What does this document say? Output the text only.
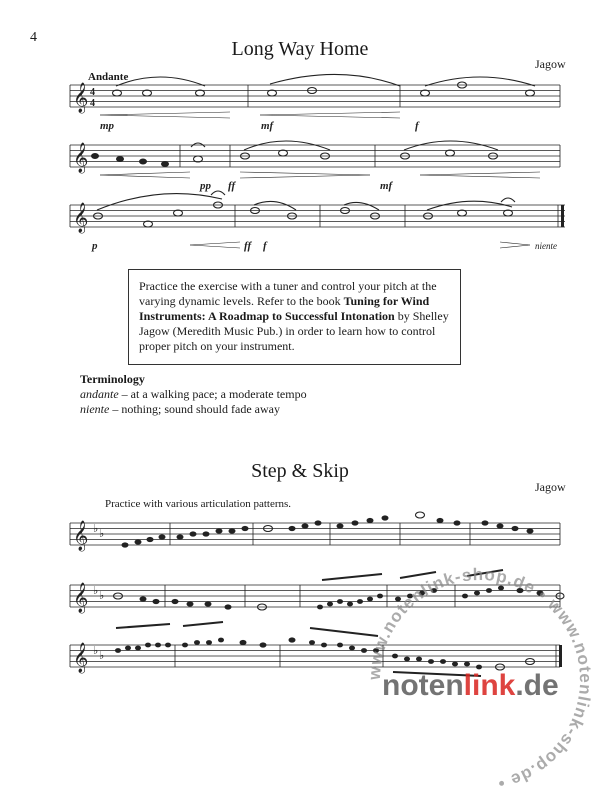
4
Long Way Home
Jagow
Andante
𝄞 4
4
mp	mf	f
𝄞
pp ff	mf
𝄞
p	ff f	niente
Practice the exercise with a tuner and control your pitch at the varying dynamic levels. Refer to the book Tuning for Wind Instruments: A Roadmap to Successful Intonation by Shelley Jagow (Meredith Music Pub.) in order to learn how to control proper pitch on your instrument.
Terminology
andante – at a walking pace; a moderate tempo
niente – nothing; sound should fade away
Step & Skip
Jagow
Practice with various articulation patterns.
𝄞 ♭ ♭
𝄞 ♭ ♭
𝄞 ♭ ♭
www.notenlink-shop.de • www.notenlink-shop.de •
notenlink.de
